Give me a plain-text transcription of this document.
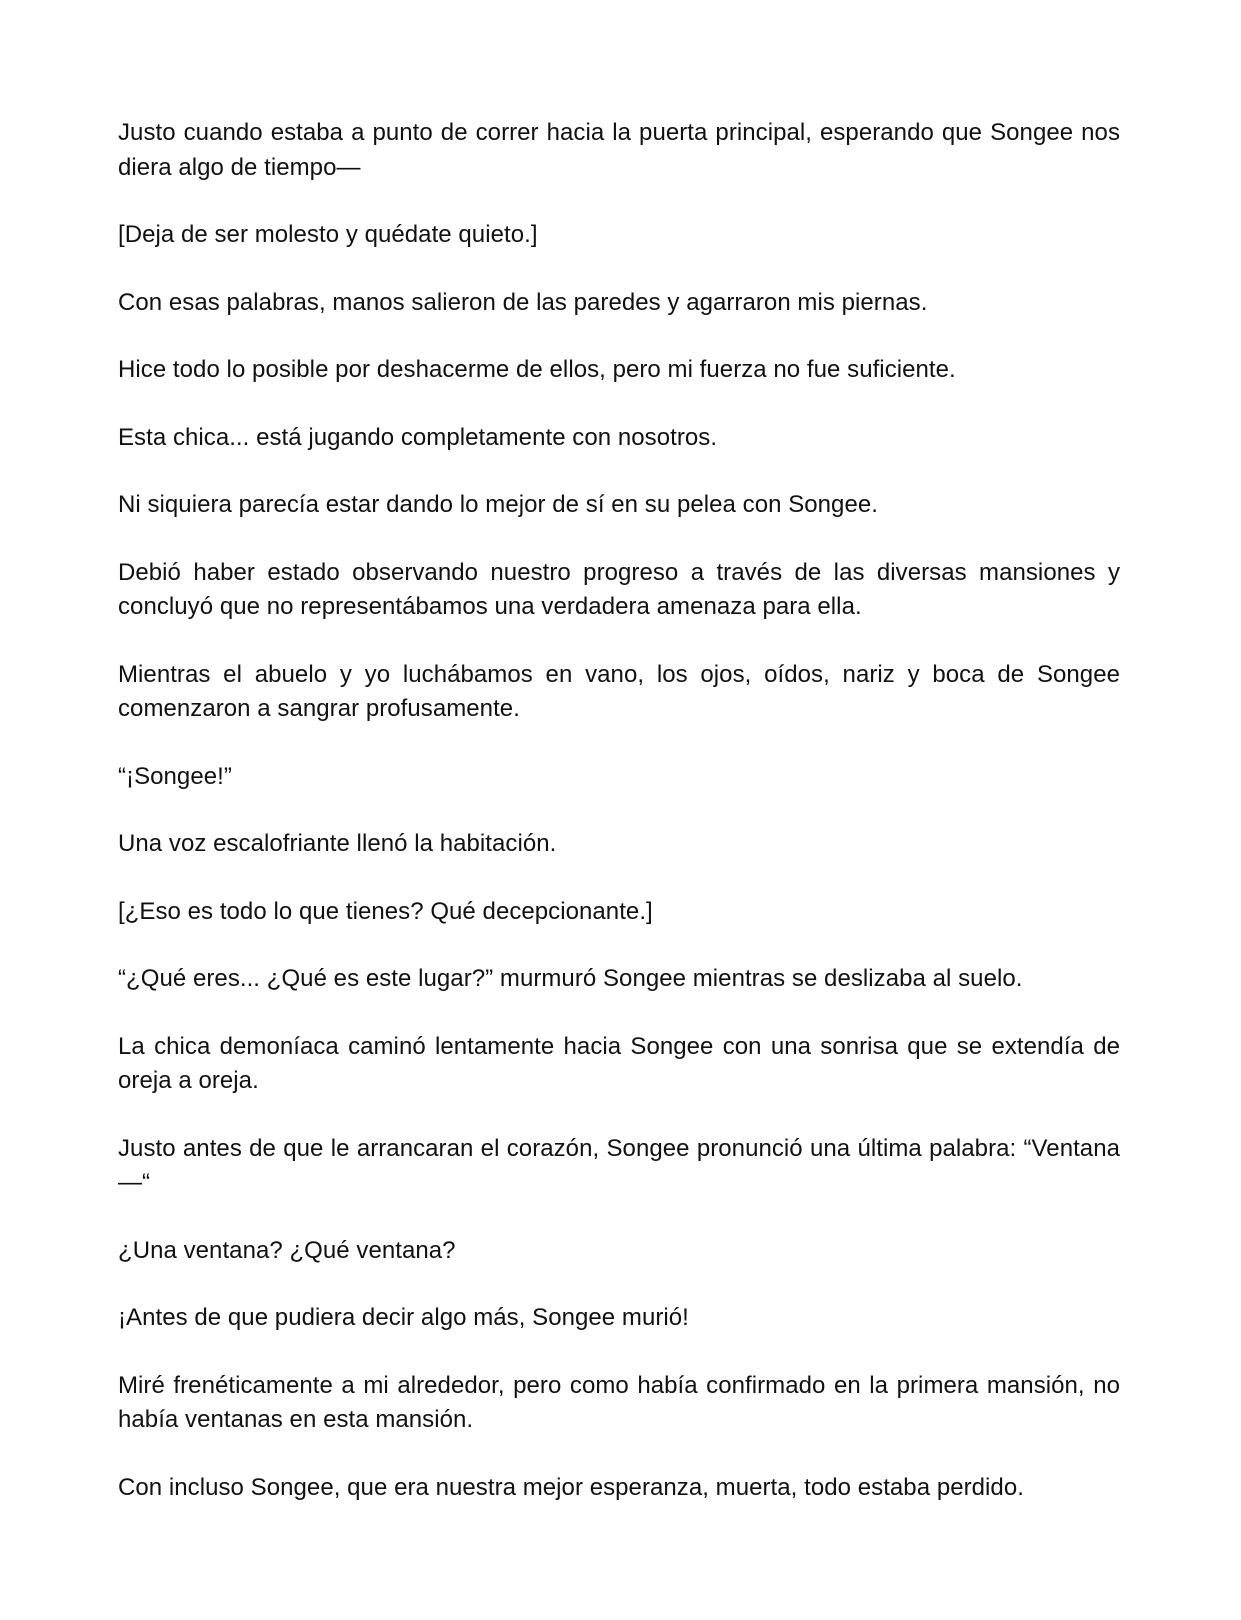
Justo cuando estaba a punto de correr hacia la puerta principal, esperando que Songee nos diera algo de tiempo—

[Deja de ser molesto y quédate quieto.]

Con esas palabras, manos salieron de las paredes y agarraron mis piernas.

Hice todo lo posible por deshacerme de ellos, pero mi fuerza no fue suficiente.

Esta chica... está jugando completamente con nosotros.

Ni siquiera parecía estar dando lo mejor de sí en su pelea con Songee.

Debió haber estado observando nuestro progreso a través de las diversas mansiones y concluyó que no representábamos una verdadera amenaza para ella.

Mientras el abuelo y yo luchábamos en vano, los ojos, oídos, nariz y boca de Songee comenzaron a sangrar profusamente.

“¡Songee!”

Una voz escalofriante llenó la habitación.

[¿Eso es todo lo que tienes? Qué decepcionante.]

“¿Qué eres... ¿Qué es este lugar?” murmuró Songee mientras se deslizaba al suelo.

La chica demoníaca caminó lentamente hacia Songee con una sonrisa que se extendía de oreja a oreja.

Justo antes de que le arrancaran el corazón, Songee pronunció una última palabra: “Ventana—“

¿Una ventana? ¿Qué ventana?

¡Antes de que pudiera decir algo más, Songee murió!

Miré frenéticamente a mi alrededor, pero como había confirmado en la primera mansión, no había ventanas en esta mansión.

Con incluso Songee, que era nuestra mejor esperanza, muerta, todo estaba perdido.
